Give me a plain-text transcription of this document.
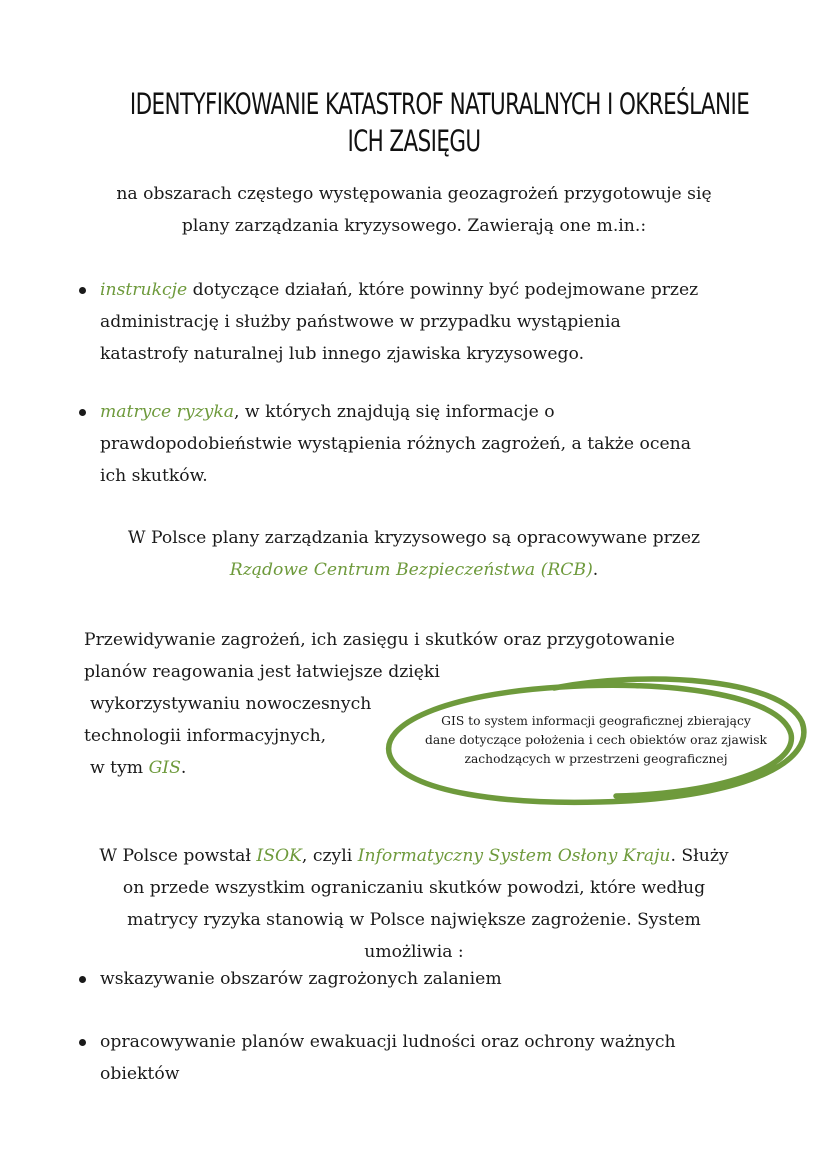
IDENTYFIKOWANIE KATASTROF NATURALNYCH I OKREŚLANIE
ICH ZASIĘGU
na obszarach częstego występowania geozagrożeń przygotowuje się
plany zarządzania kryzysowego. Zawierają one m.in.:
instrukcje dotyczące działań, które powinny być podejmowane przez
administrację i służby państwowe w przypadku wystąpienia
katastrofy naturalnej lub innego zjawiska kryzysowego.
matryce ryzyka, w których znajdują się informacje o
prawdopodobieństwie wystąpienia różnych zagrożeń, a także ocena
ich skutków.
W Polsce plany zarządzania kryzysowego są opracowywane przez
Rządowe Centrum Bezpieczeństwa (RCB).
Przewidywanie zagrożeń, ich zasięgu i skutków oraz przygotowanie
planów reagowania jest łatwiejsze dzięki
wykorzystywaniu nowoczesnych
technologii informacyjnych,
w tym GIS.
GIS to system informacji geograficznej zbierający
dane dotyczące położenia i cech obiektów oraz zjawisk
zachodzących w przestrzeni geograficznej
W Polsce powstał ISOK, czyli Informatyczny System Osłony Kraju. Służy
on przede wszystkim ograniczaniu skutków powodzi, które według
matrycy ryzyka stanowią w Polsce największe zagrożenie. System
umożliwia :
wskazywanie obszarów zagrożonych zalaniem
opracowywanie planów ewakuacji ludności oraz ochrony ważnych
obiektów
